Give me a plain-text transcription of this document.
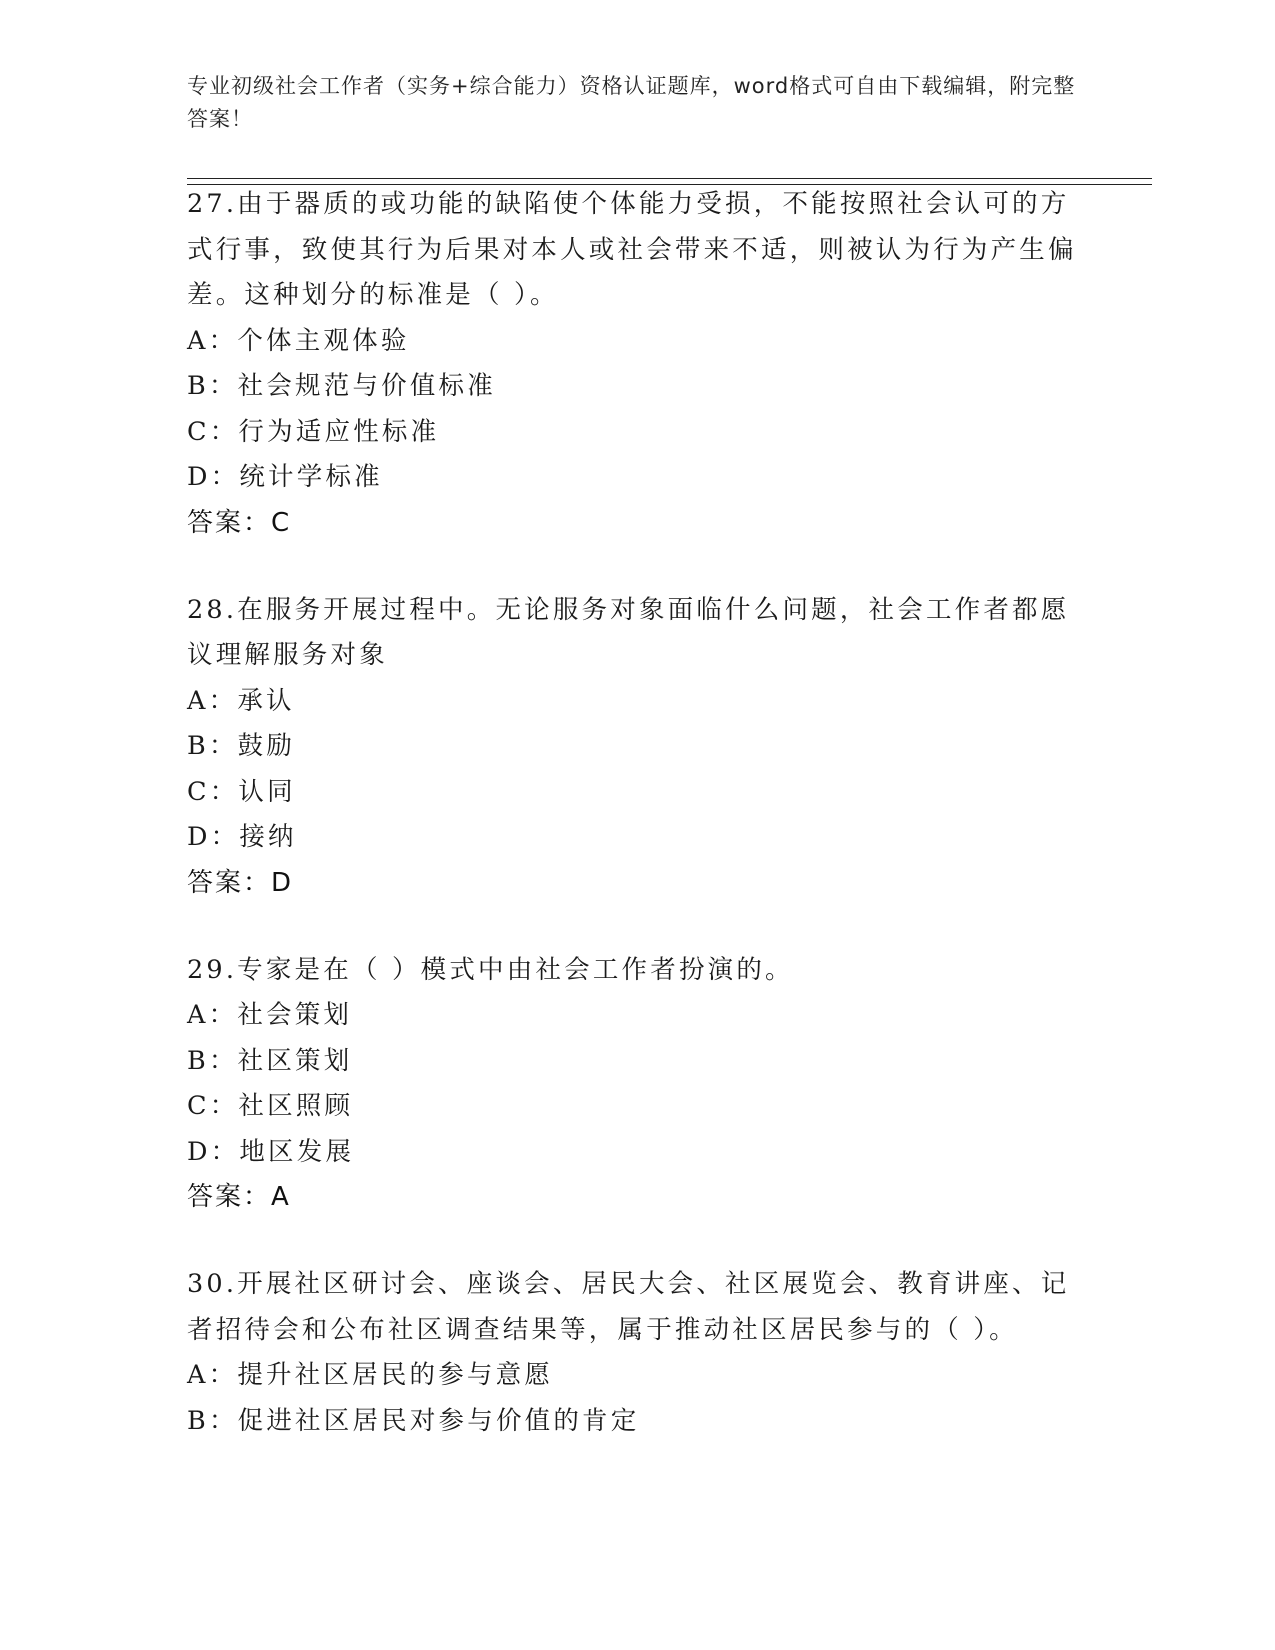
专业初级社会工作者（实务+综合能力）资格认证题库，word格式可自由下载编辑，附完整答案！
27.由于器质的或功能的缺陷使个体能力受损，不能按照社会认可的方式行事，致使其行为后果对本人或社会带来不适，则被认为行为产生偏差。这种划分的标准是（ ）。
A：个体主观体验
B：社会规范与价值标准
C：行为适应性标准
D：统计学标准
答案：C
28.在服务开展过程中。无论服务对象面临什么问题，社会工作者都愿议理解服务对象
A：承认
B：鼓励
C：认同
D：接纳
答案：D
29.专家是在（ ）模式中由社会工作者扮演的。
A：社会策划
B：社区策划
C：社区照顾
D：地区发展
答案：A
30.开展社区研讨会、座谈会、居民大会、社区展览会、教育讲座、记者招待会和公布社区调查结果等，属于推动社区居民参与的（ ）。
A：提升社区居民的参与意愿
B：促进社区居民对参与价值的肯定
